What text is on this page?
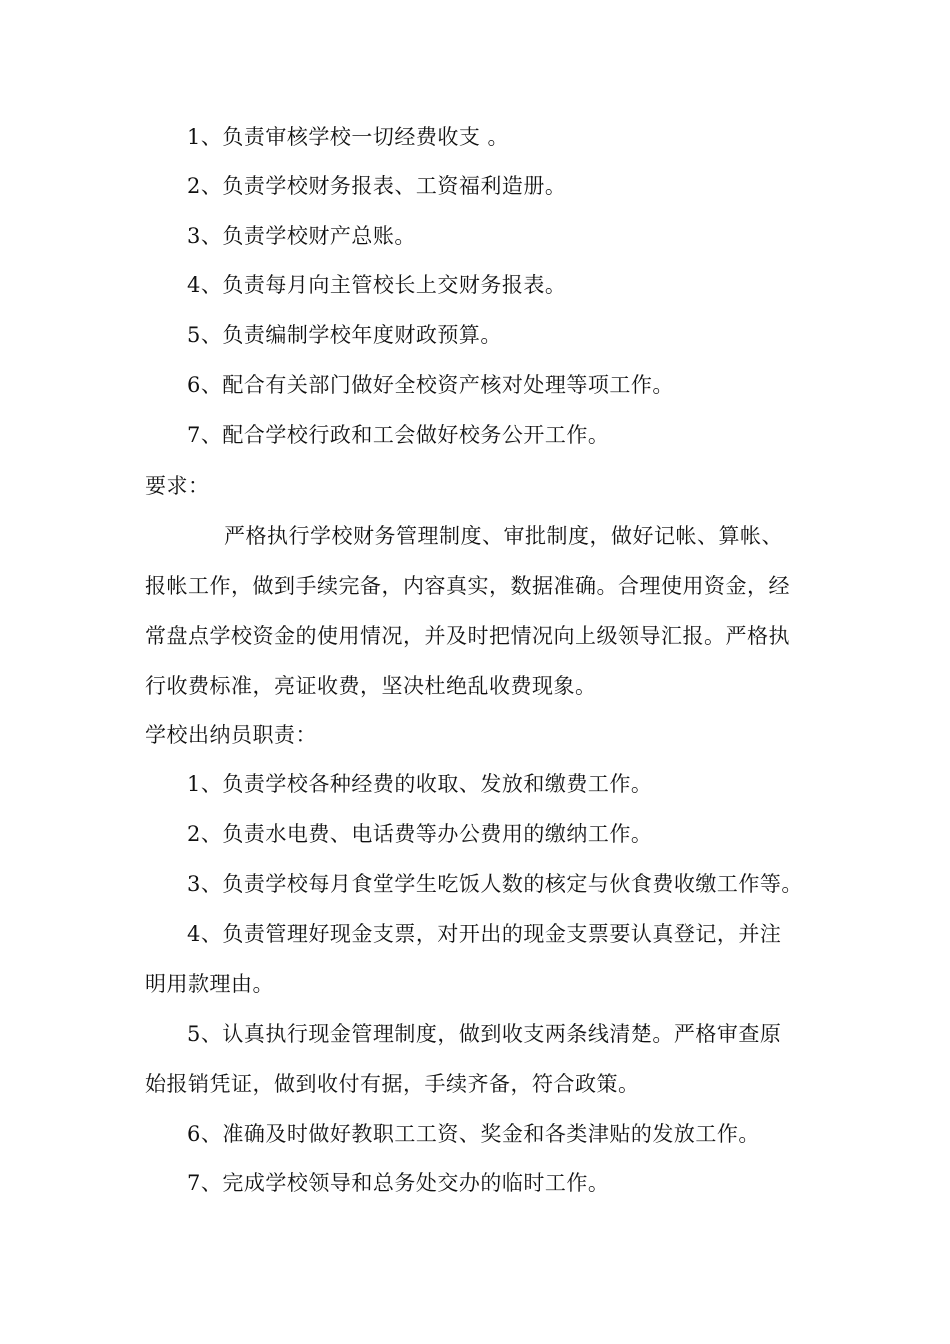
1、负责审核学校一切经费收支 。
2、负责学校财务报表、工资福利造册。
3、负责学校财产总账。
4、负责每月向主管校长上交财务报表。
5、负责编制学校年度财政预算。
6、配合有关部门做好全校资产核对处理等项工作。
7、配合学校行政和工会做好校务公开工作。
要求：
严格执行学校财务管理制度、审批制度，做好记帐、算帐、
报帐工作，做到手续完备，内容真实，数据准确。合理使用资金，经
常盘点学校资金的使用情况，并及时把情况向上级领导汇报。严格执
行收费标准，亮证收费，坚决杜绝乱收费现象。
学校出纳员职责：
1、负责学校各种经费的收取、发放和缴费工作。
2、负责水电费、电话费等办公费用的缴纳工作。
3、负责学校每月食堂学生吃饭人数的核定与伙食费收缴工作等。
4、负责管理好现金支票，对开出的现金支票要认真登记，并注
明用款理由。
5、认真执行现金管理制度，做到收支两条线清楚。严格审查原
始报销凭证，做到收付有据，手续齐备，符合政策。
6、准确及时做好教职工工资、奖金和各类津贴的发放工作。
7、完成学校领导和总务处交办的临时工作。
